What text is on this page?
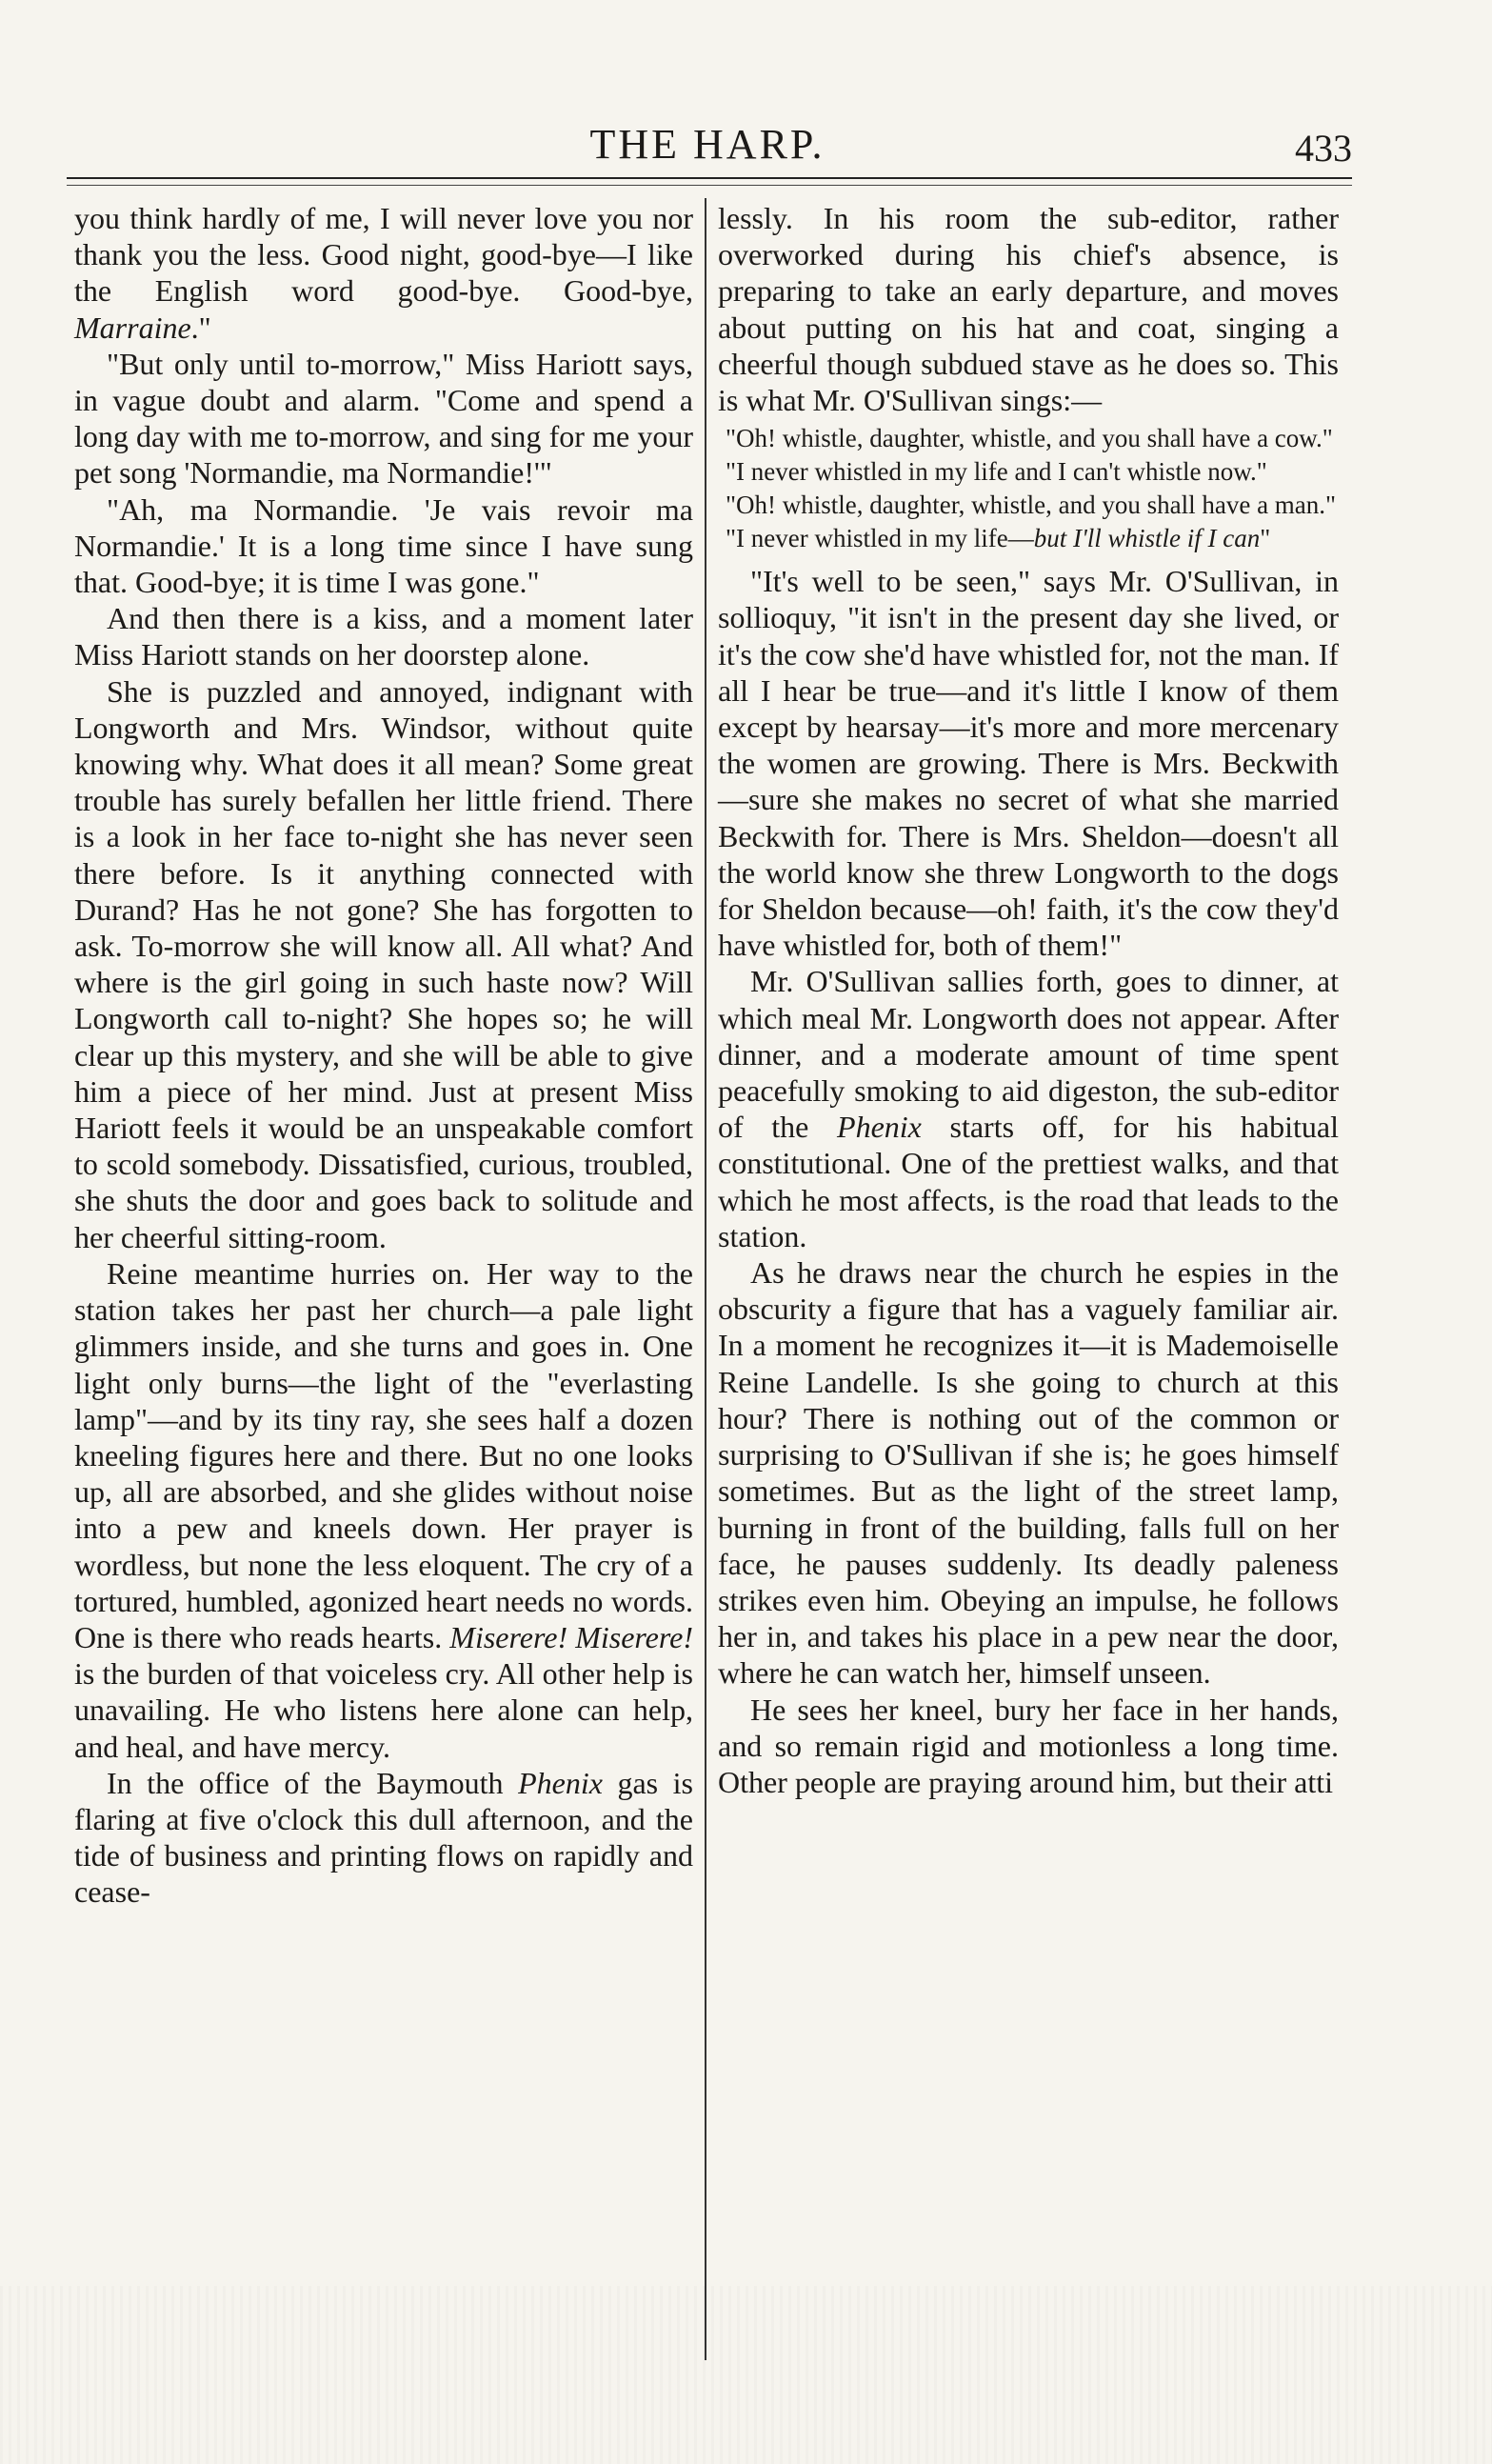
THE HARP.	433

you think hardly of me, I will never love you nor thank you the less. Good night, good-bye—I like the English word good-bye. Good-bye, Marraine."

"But only until to-morrow," Miss Hariott says, in vague doubt and alarm. "Come and spend a long day with me to-morrow, and sing for me your pet song 'Normandie, ma Normandie!'"

"Ah, ma Normandie. 'Je vais revoir ma Normandie.' It is a long time since I have sung that. Good-bye; it is time I was gone."

And then there is a kiss, and a moment later Miss Hariott stands on her doorstep alone.

She is puzzled and annoyed, indignant with Longworth and Mrs. Windsor, without quite knowing why. What does it all mean? Some great trouble has surely befallen her little friend. There is a look in her face to-night she has never seen there before. Is it anything connected with Durand? Has he not gone? She has forgotten to ask. To-morrow she will know all. All what? And where is the girl going in such haste now? Will Longworth call to-night? She hopes so; he will clear up this mystery, and she will be able to give him a piece of her mind. Just at present Miss Hariott feels it would be an unspeakable comfort to scold somebody. Dissatisfied, curious, troubled, she shuts the door and goes back to solitude and her cheerful sitting-room.

Reine meantime hurries on. Her way to the station takes her past her church—a pale light glimmers inside, and she turns and goes in. One light only burns—the light of the "everlasting lamp"—and by its tiny ray, she sees half a dozen kneeling figures here and there. But no one looks up, all are absorbed, and she glides without noise into a pew and kneels down. Her prayer is wordless, but none the less eloquent. The cry of a tortured, humbled, agonized heart needs no words. One is there who reads hearts. Miserere! Miserere! is the burden of that voiceless cry. All other help is unavailing. He who listens here alone can help, and heal, and have mercy.

In the office of the Baymouth Phenix gas is flaring at five o'clock this dull afternoon, and the tide of business and printing flows on rapidly and cease-

lessly. In his room the sub-editor, rather overworked during his chief's absence, is preparing to take an early departure, and moves about putting on his hat and coat, singing a cheerful though subdued stave as he does so. This is what Mr. O'Sullivan sings:—

"Oh! whistle, daughter, whistle, and you shall have a cow."

"I never whistled in my life and I can't whistle now."

"Oh! whistle, daughter, whistle, and you shall have a man."

"I never whistled in my life—but I'll whistle if I can"

"It's well to be seen," says Mr. O'Sullivan, in sollioquy, "it isn't in the present day she lived, or it's the cow she'd have whistled for, not the man. If all I hear be true—and it's little I know of them except by hearsay—it's more and more mercenary the women are growing. There is Mrs. Beckwith—sure she makes no secret of what she married Beckwith for. There is Mrs. Sheldon—doesn't all the world know she threw Longworth to the dogs for Sheldon because—oh! faith, it's the cow they'd have whistled for, both of them!"

Mr. O'Sullivan sallies forth, goes to dinner, at which meal Mr. Longworth does not appear. After dinner, and a moderate amount of time spent peacefully smoking to aid digeston, the sub-editor of the Phenix starts off, for his habitual constitutional. One of the prettiest walks, and that which he most affects, is the road that leads to the station.

As he draws near the church he espies in the obscurity a figure that has a vaguely familiar air. In a moment he recognizes it—it is Mademoiselle Reine Landelle. Is she going to church at this hour? There is nothing out of the common or surprising to O'Sullivan if she is; he goes himself sometimes. But as the light of the street lamp, burning in front of the building, falls full on her face, he pauses suddenly. Its deadly paleness strikes even him. Obeying an impulse, he follows her in, and takes his place in a pew near the door, where he can watch her, himself unseen.

He sees her kneel, bury her face in her hands, and so remain rigid and motionless a long time. Other people are praying around him, but their atti
